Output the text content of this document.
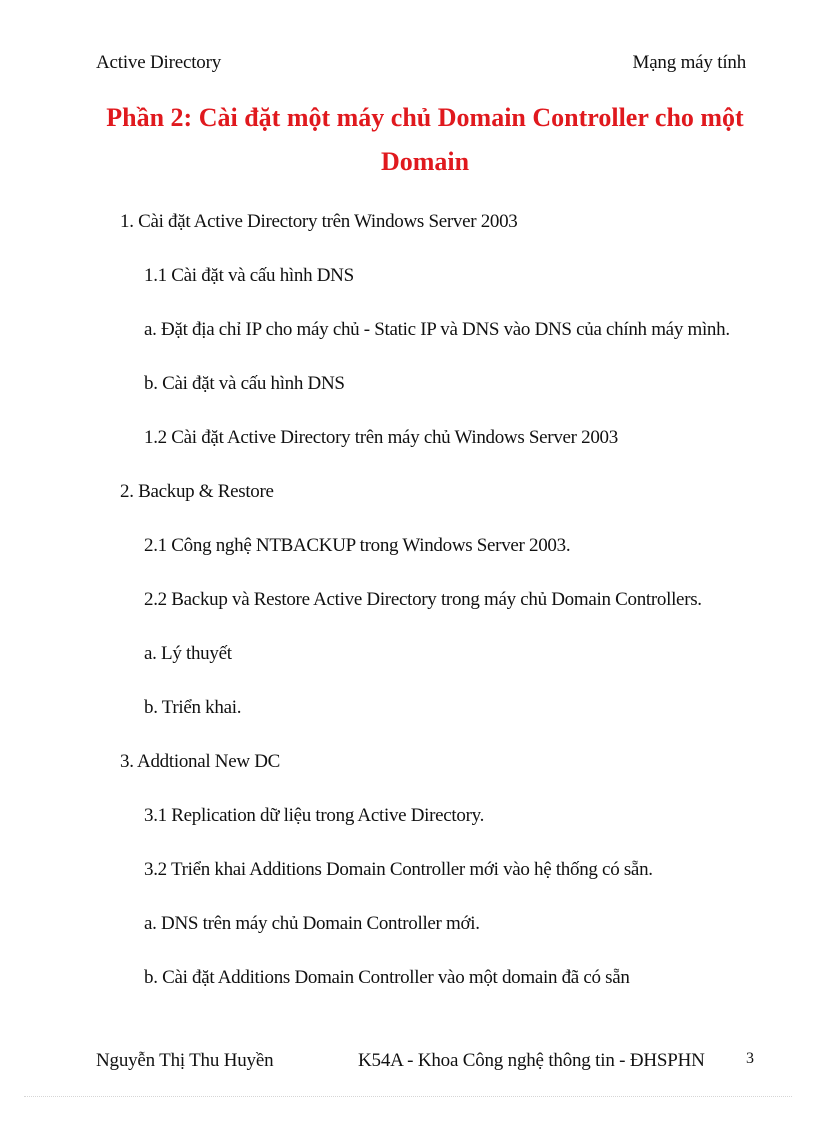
Active Directory	Mạng máy tính
Phần 2: Cài đặt một máy chủ Domain Controller cho một
Domain
1. Cài đặt Active Directory trên Windows Server 2003
1.1 Cài đặt và cấu hình DNS
a. Đặt địa chỉ IP cho máy chủ - Static IP và DNS vào DNS của chính máy mình.
b. Cài đặt và cấu hình DNS
1.2 Cài đặt Active Directory trên máy chủ Windows Server 2003
2. Backup & Restore
2.1 Công nghệ NTBACKUP trong Windows Server 2003.
2.2 Backup và Restore Active Directory trong máy chủ Domain Controllers.
a. Lý thuyết
b. Triển khai.
3. Addtional New DC
3.1 Replication dữ liệu trong Active Directory.
3.2 Triển khai Additions Domain Controller mới vào hệ thống có sẵn.
a. DNS trên máy chủ Domain Controller mới.
b. Cài đặt Additions Domain Controller vào một domain đã có sẵn
Nguyễn Thị Thu Huyền	K54A - Khoa Công nghệ thông tin - ĐHSPHN	3
